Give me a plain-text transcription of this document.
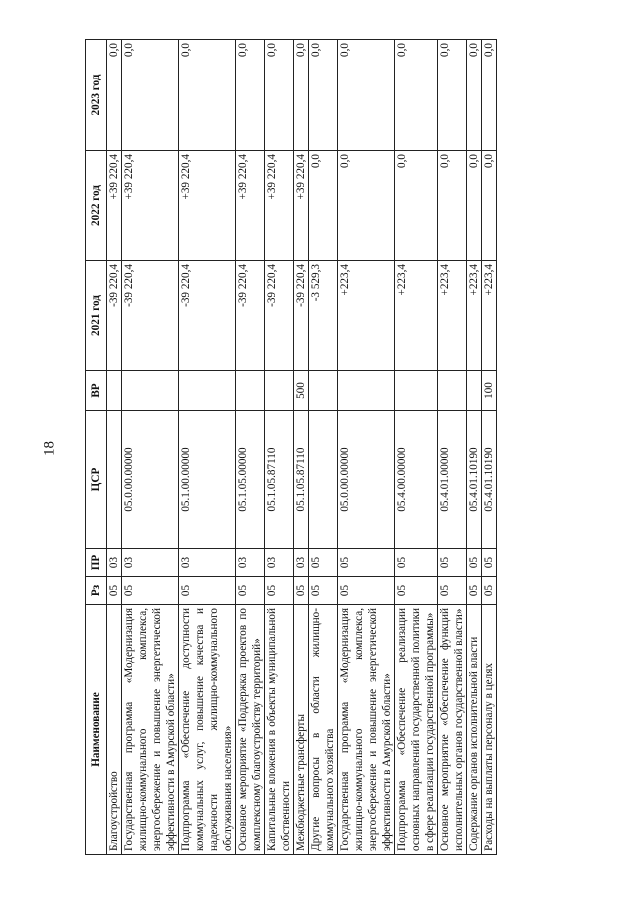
18
Наименование	Рз	ПР	ЦСР	ВР	2021 год	2022 год	2023 год
Благоустройство	05	03			-39 220,4	+39 220,4	0,0
Государственная программа «Модернизация жилищно-коммунального комплекса, энергосбережение и повышение энергетической эффективности в Амурской области»	05	03	05.0.00.00000		-39 220,4	+39 220,4	0,0
Подпрограмма «Обеспечение доступности коммунальных услуг, повышение качества и надежности жилищно-коммунального обслуживания населения»	05	03	05.1.00.00000		-39 220,4	+39 220,4	0,0
Основное мероприятие «Поддержка проектов по комплексному благоустройству территорий»	05	03	05.1.05.00000		-39 220,4	+39 220,4	0,0
Капитальные вложения в объекты муниципальной собственности	05	03	05.1.05.87110		-39 220,4	+39 220,4	0,0
Межбюджетные трансферты	05	03	05.1.05.87110	500	-39 220,4	+39 220,4	0,0
Другие вопросы в области жилищно-коммунального хозяйства	05	05			-3 529,3	0,0	0,0
Государственная программа «Модернизация жилищно-коммунального комплекса, энергосбережение и повышение энергетической эффективности в Амурской области»	05	05	05.0.00.00000		+223,4	0,0	0,0
Подпрограмма «Обеспечение реализации основных направлений государственной политики в сфере реализации государственной программы»	05	05	05.4.00.00000		+223,4	0,0	0,0
Основное мероприятие «Обеспечение функций исполнительных органов государственной власти»	05	05	05.4.01.00000		+223,4	0,0	0,0
Содержание органов исполнительной власти	05	05	05.4.01.10190		+223,4	0,0	0,0
Расходы на выплаты персоналу в целях	05	05	05.4.01.10190	100	+223,4	0,0	0,0
